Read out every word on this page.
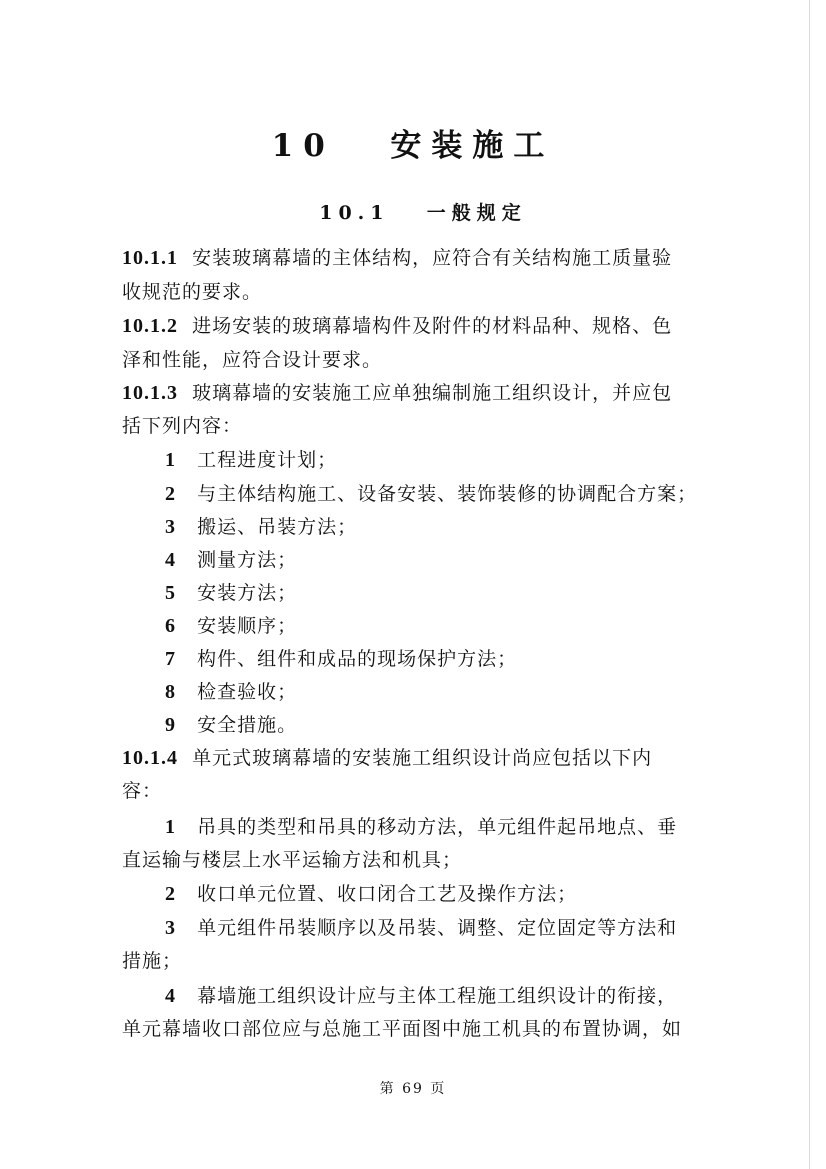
10 安装施工
10.1 一般规定
10.1.1 安装玻璃幕墙的主体结构，应符合有关结构施工质量验
收规范的要求。
10.1.2 进场安装的玻璃幕墙构件及附件的材料品种、规格、色
泽和性能，应符合设计要求。
10.1.3 玻璃幕墙的安装施工应单独编制施工组织设计，并应包
括下列内容：
1 工程进度计划；
2 与主体结构施工、设备安装、装饰装修的协调配合方案；
3 搬运、吊装方法；
4 测量方法；
5 安装方法；
6 安装顺序；
7 构件、组件和成品的现场保护方法；
8 检查验收；
9 安全措施。
10.1.4 单元式玻璃幕墙的安装施工组织设计尚应包括以下内
容：
1 吊具的类型和吊具的移动方法，单元组件起吊地点、垂
直运输与楼层上水平运输方法和机具；
2 收口单元位置、收口闭合工艺及操作方法；
3 单元组件吊装顺序以及吊装、调整、定位固定等方法和
措施；
4 幕墙施工组织设计应与主体工程施工组织设计的衔接，
单元幕墙收口部位应与总施工平面图中施工机具的布置协调，如
第 69 页
